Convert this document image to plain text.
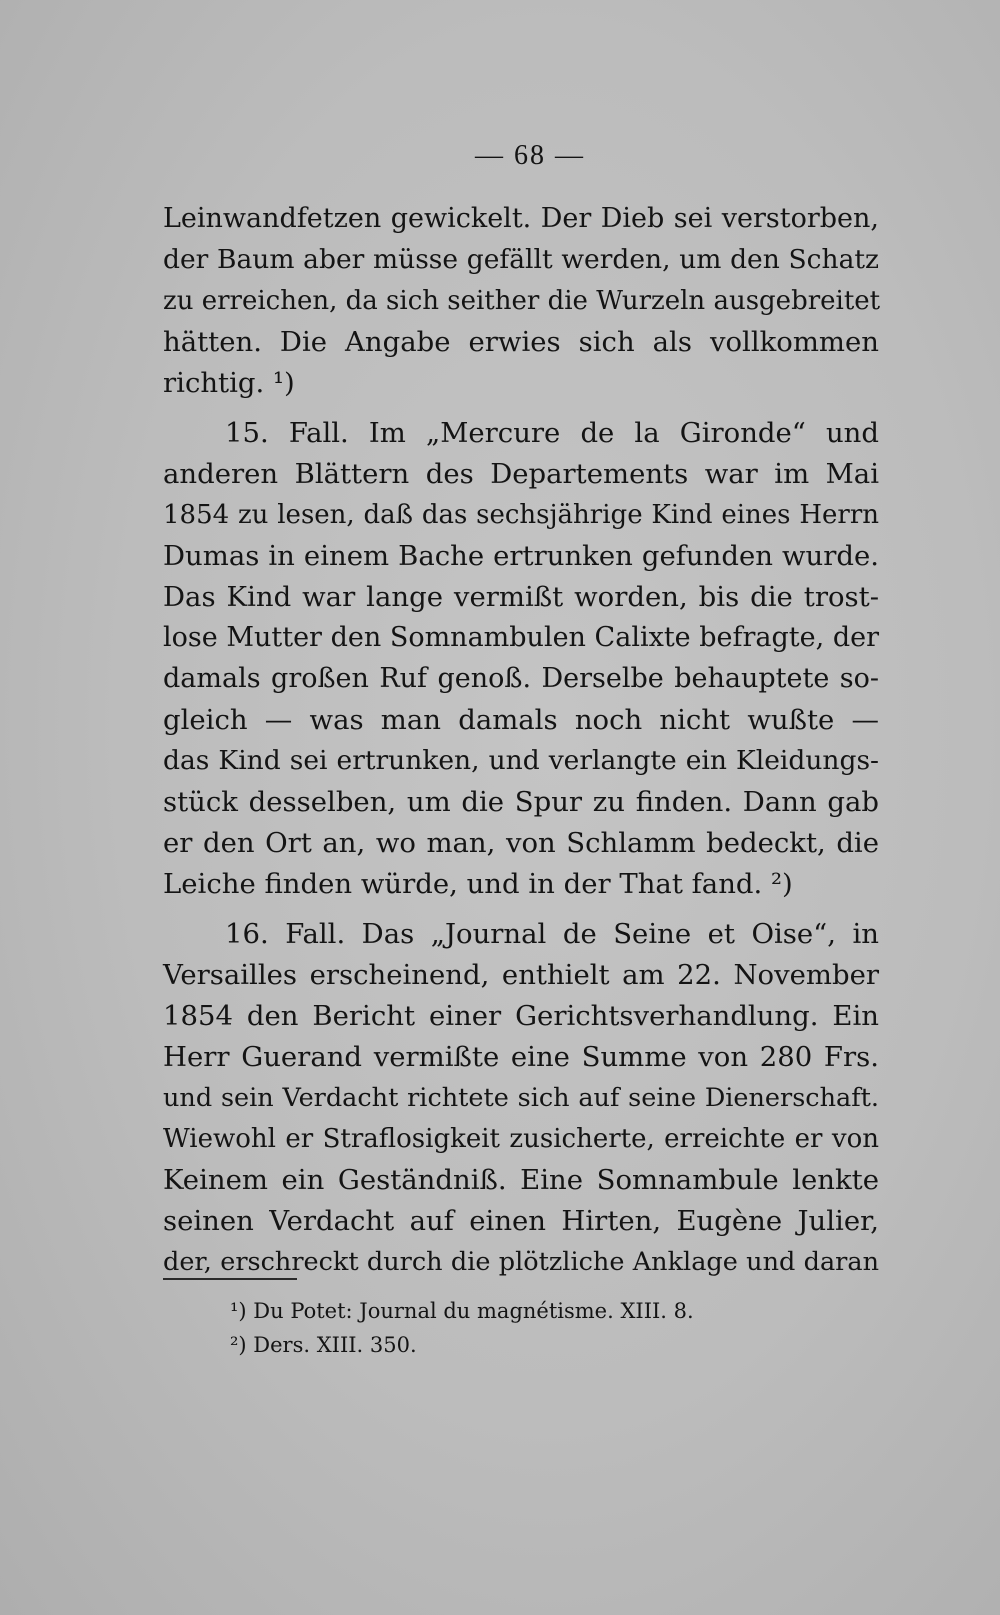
— 68 —
Leinwandfetzen gewickelt. Der Dieb sei verstorben,
der Baum aber müsse gefällt werden, um den Schatz
zu erreichen, da sich seither die Wurzeln ausgebreitet
hätten. Die Angabe erwies sich als vollkommen
richtig. ¹)
15. Fall. Im „Mercure de la Gironde“ und
anderen Blättern des Departements war im Mai
1854 zu lesen, daß das sechsjährige Kind eines Herrn
Dumas in einem Bache ertrunken gefunden wurde.
Das Kind war lange vermißt worden, bis die trost-
lose Mutter den Somnambulen Calixte befragte, der
damals großen Ruf genoß. Derselbe behauptete so-
gleich — was man damals noch nicht wußte —
das Kind sei ertrunken, und verlangte ein Kleidungs-
stück desselben, um die Spur zu finden. Dann gab
er den Ort an, wo man, von Schlamm bedeckt, die
Leiche finden würde, und in der That fand. ²)
16. Fall. Das „Journal de Seine et Oise“, in
Versailles erscheinend, enthielt am 22. November
1854 den Bericht einer Gerichtsverhandlung. Ein
Herr Guerand vermißte eine Summe von 280 Frs.
und sein Verdacht richtete sich auf seine Dienerschaft.
Wiewohl er Straflosigkeit zusicherte, erreichte er von
Keinem ein Geständniß. Eine Somnambule lenkte
seinen Verdacht auf einen Hirten, Eugène Julier,
der, erschreckt durch die plötzliche Anklage und daran
¹) Du Potet: Journal du magnétisme. XIII. 8.
²) Ders. XIII. 350.
